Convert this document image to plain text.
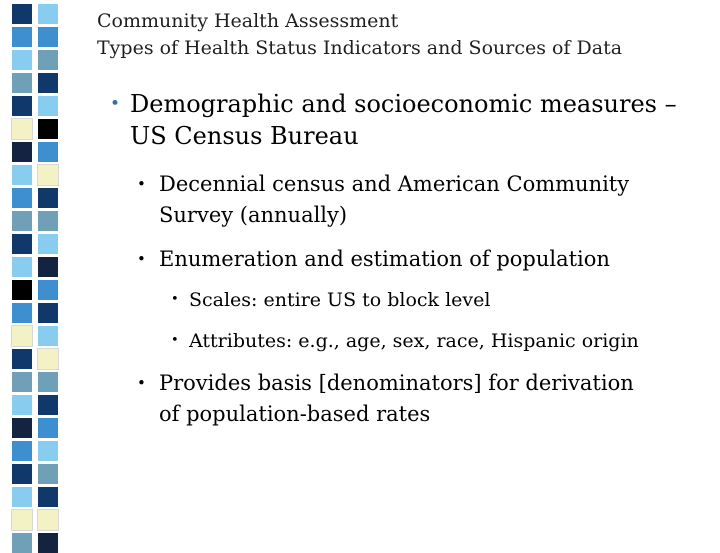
Community Health Assessment
Types of Health Status Indicators and Sources of Data
• Demographic and socioeconomic measures –
US Census Bureau
• Decennial census and American Community
Survey (annually)
• Enumeration and estimation of population
• Scales: entire US to block level
• Attributes: e.g., age, sex, race, Hispanic origin
• Provides basis [denominators] for derivation
of population-based rates
